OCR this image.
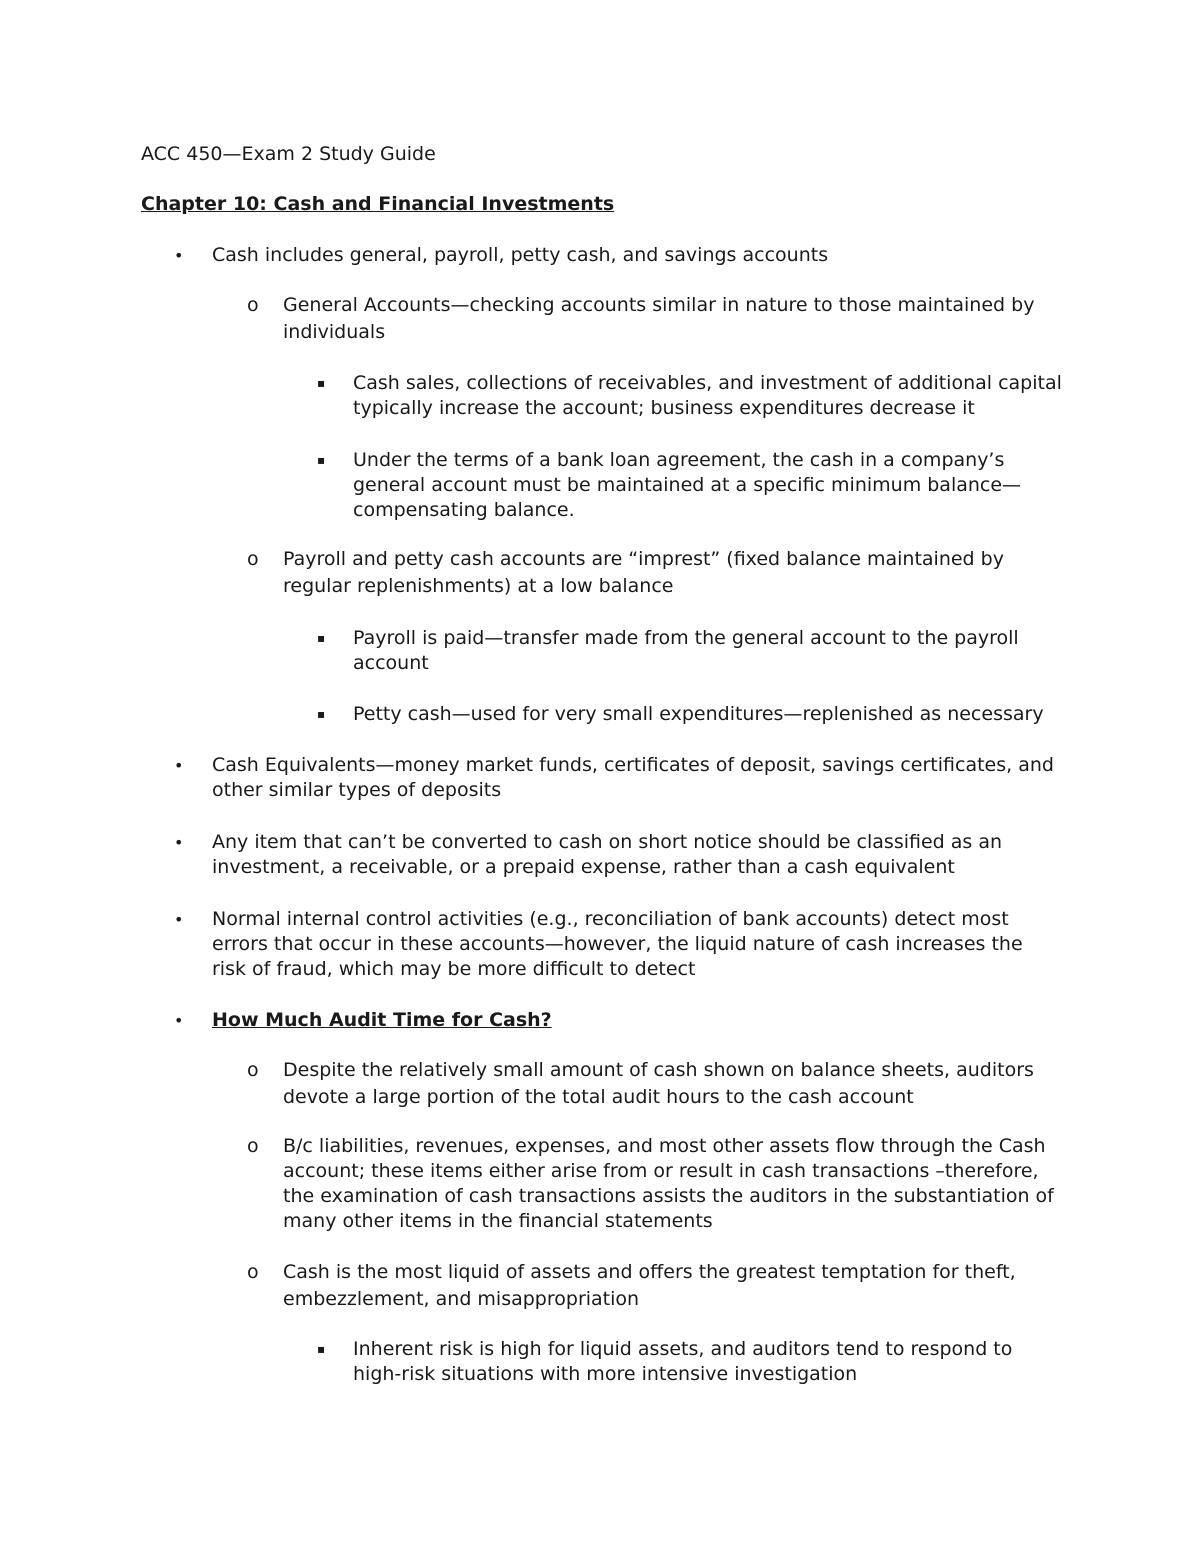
ACC 450—Exam 2 Study Guide
Chapter 10: Cash and Financial Investments
• Cash includes general, payroll, petty cash, and savings accounts
o General Accounts—checking accounts similar in nature to those maintained by individuals
▪ Cash sales, collections of receivables, and investment of additional capital typically increase the account; business expenditures decrease it
▪ Under the terms of a bank loan agreement, the cash in a company’s general account must be maintained at a specific minimum balance—compensating balance.
o Payroll and petty cash accounts are “imprest” (fixed balance maintained by regular replenishments) at a low balance
▪ Payroll is paid—transfer made from the general account to the payroll account
▪ Petty cash—used for very small expenditures—replenished as necessary
• Cash Equivalents—money market funds, certificates of deposit, savings certificates, and other similar types of deposits
• Any item that can’t be converted to cash on short notice should be classified as an investment, a receivable, or a prepaid expense, rather than a cash equivalent
• Normal internal control activities (e.g., reconciliation of bank accounts) detect most errors that occur in these accounts—however, the liquid nature of cash increases the risk of fraud, which may be more difficult to detect
• How Much Audit Time for Cash?
o Despite the relatively small amount of cash shown on balance sheets, auditors devote a large portion of the total audit hours to the cash account
o B/c liabilities, revenues, expenses, and most other assets flow through the Cash account; these items either arise from or result in cash transactions –therefore, the examination of cash transactions assists the auditors in the substantiation of many other items in the financial statements
o Cash is the most liquid of assets and offers the greatest temptation for theft, embezzlement, and misappropriation
▪ Inherent risk is high for liquid assets, and auditors tend to respond to high-risk situations with more intensive investigation
